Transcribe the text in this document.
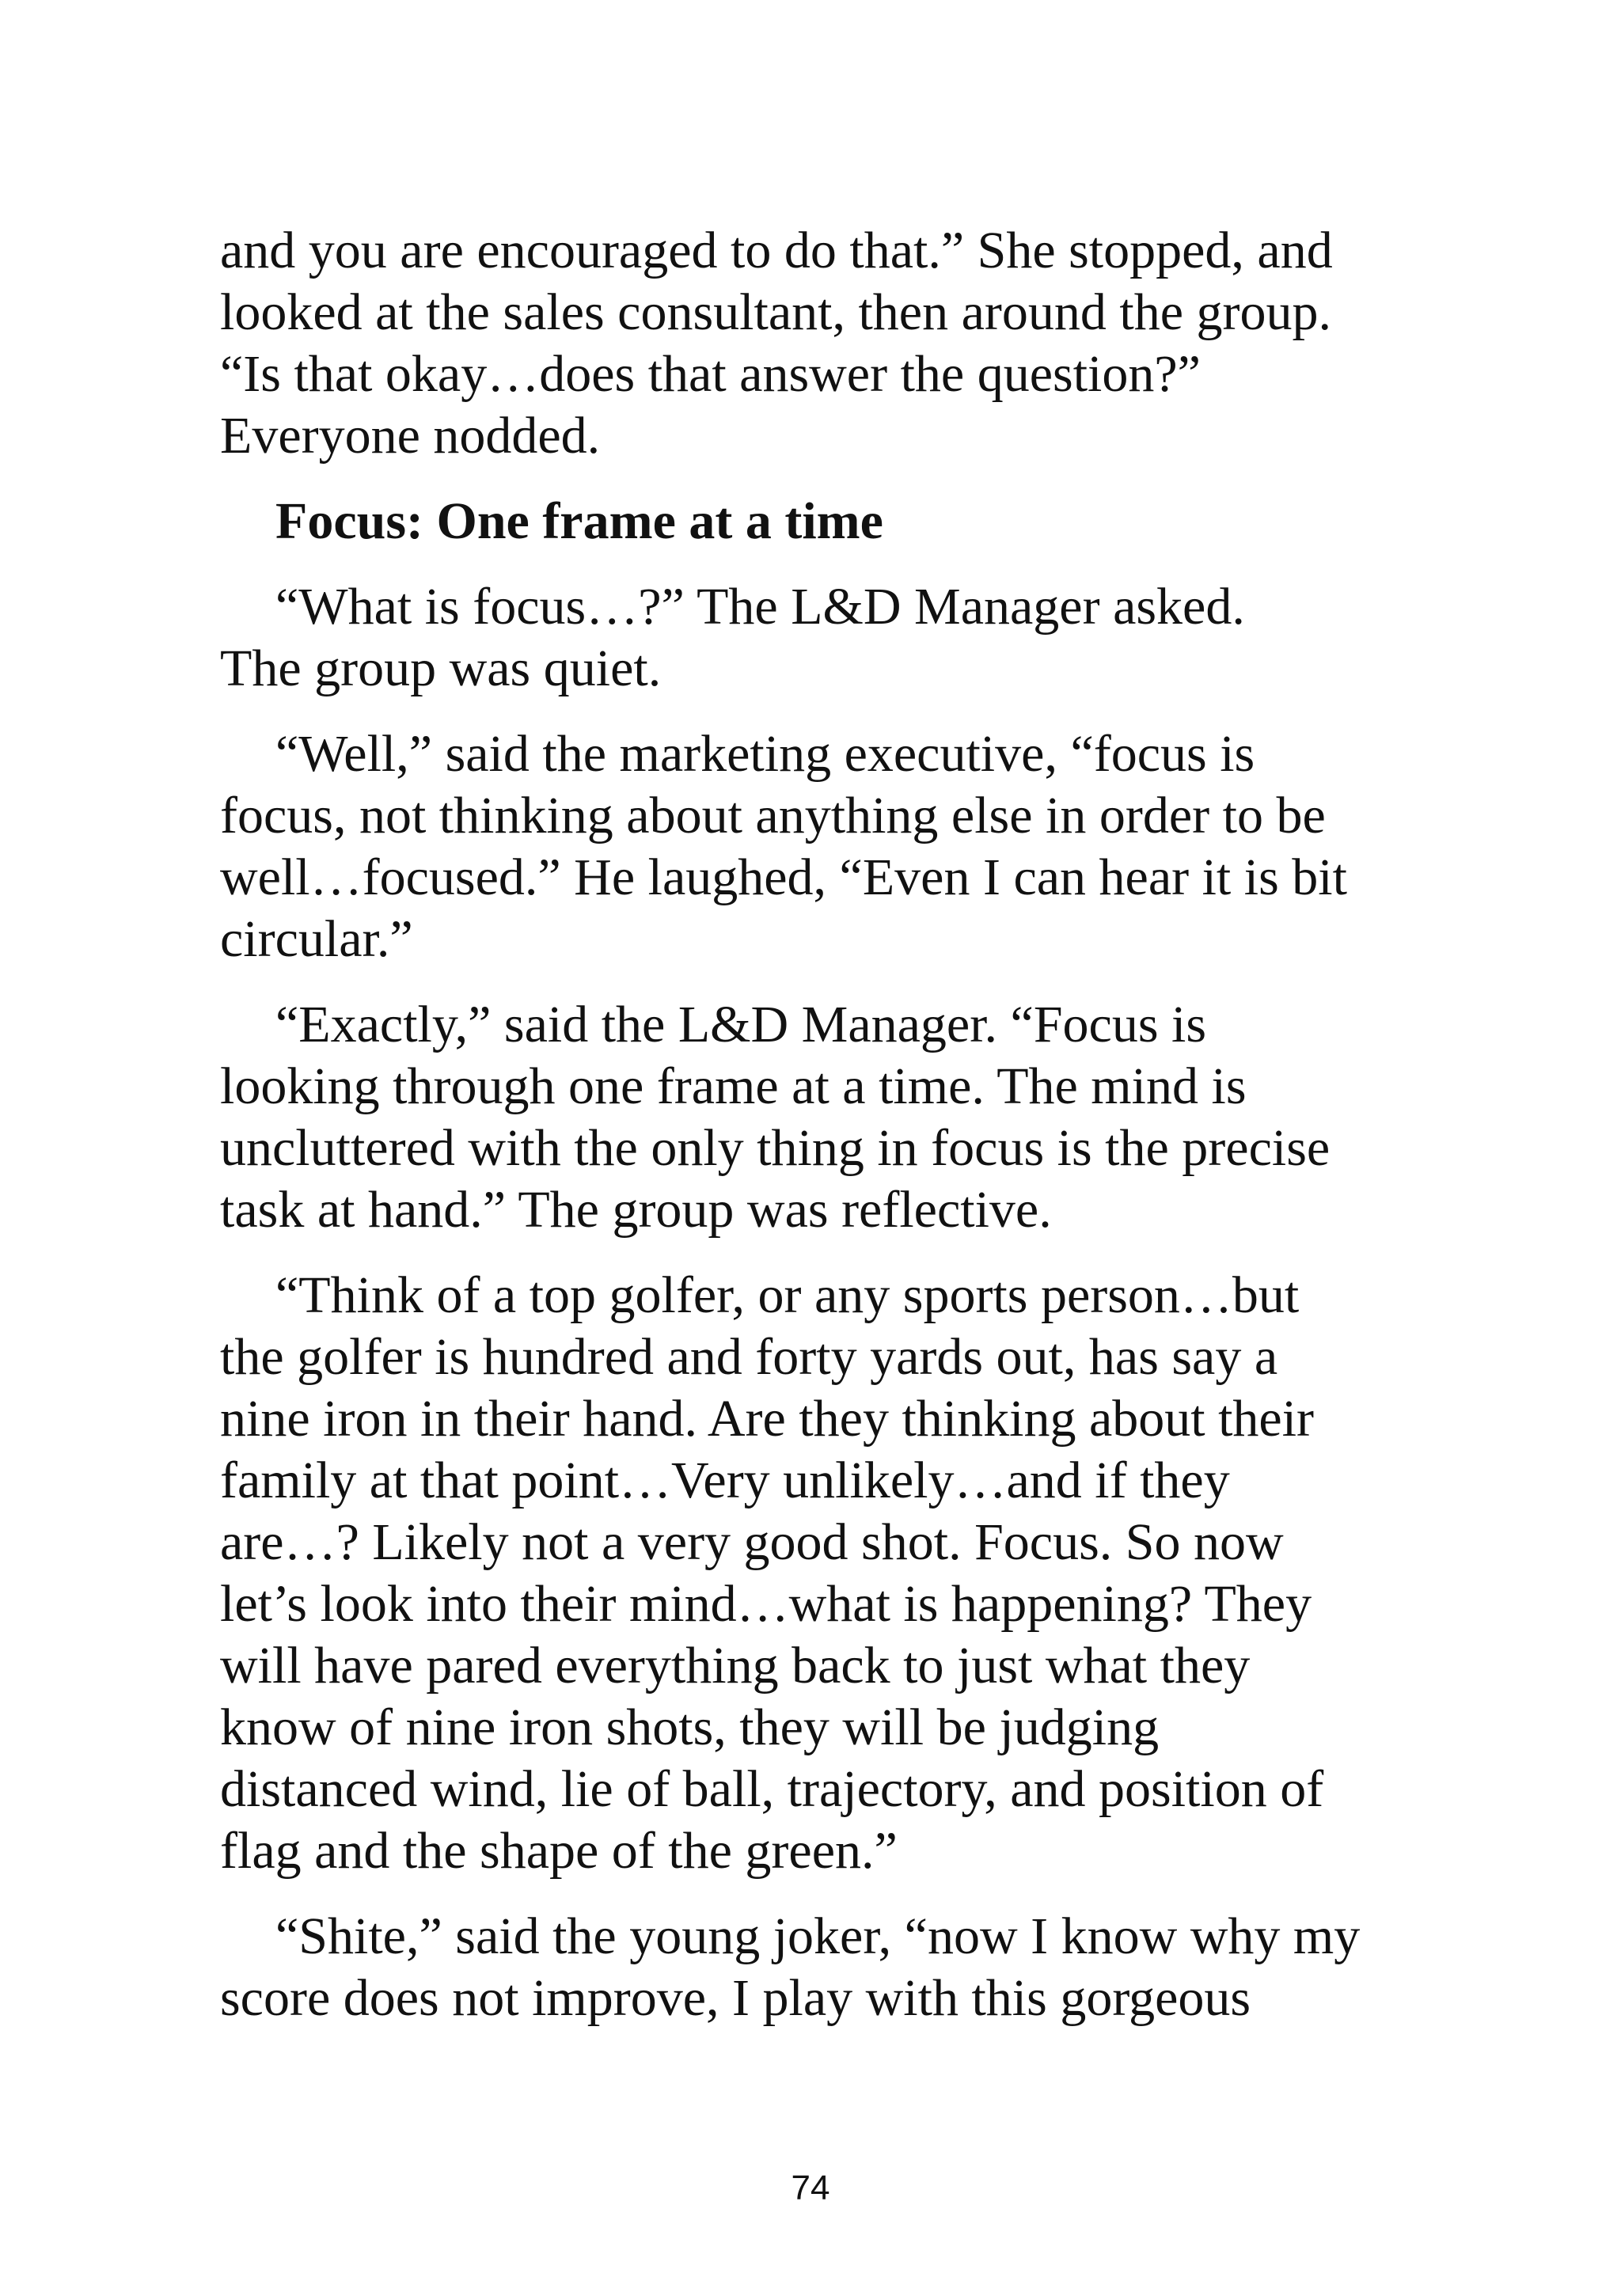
and you are encouraged to do that.” She stopped, and
looked at the sales consultant, then around the group.
“Is that okay…does that answer the question?”
Everyone nodded.
Focus: One frame at a time
“What is focus…?” The L&D Manager asked.
The group was quiet.
“Well,” said the marketing executive, “focus is
focus, not thinking about anything else in order to be
well…focused.” He laughed, “Even I can hear it is bit
circular.”
“Exactly,” said the L&D Manager. “Focus is
looking through one frame at a time. The mind is
uncluttered with the only thing in focus is the precise
task at hand.” The group was reflective.
“Think of a top golfer, or any sports person…but
the golfer is hundred and forty yards out, has say a
nine iron in their hand. Are they thinking about their
family at that point…Very unlikely…and if they
are…? Likely not a very good shot. Focus. So now
let’s look into their mind…what is happening? They
will have pared everything back to just what they
know of nine iron shots, they will be judging
distanced wind, lie of ball, trajectory, and position of
flag and the shape of the green.”
“Shite,” said the young joker, “now I know why my
score does not improve, I play with this gorgeous
74
